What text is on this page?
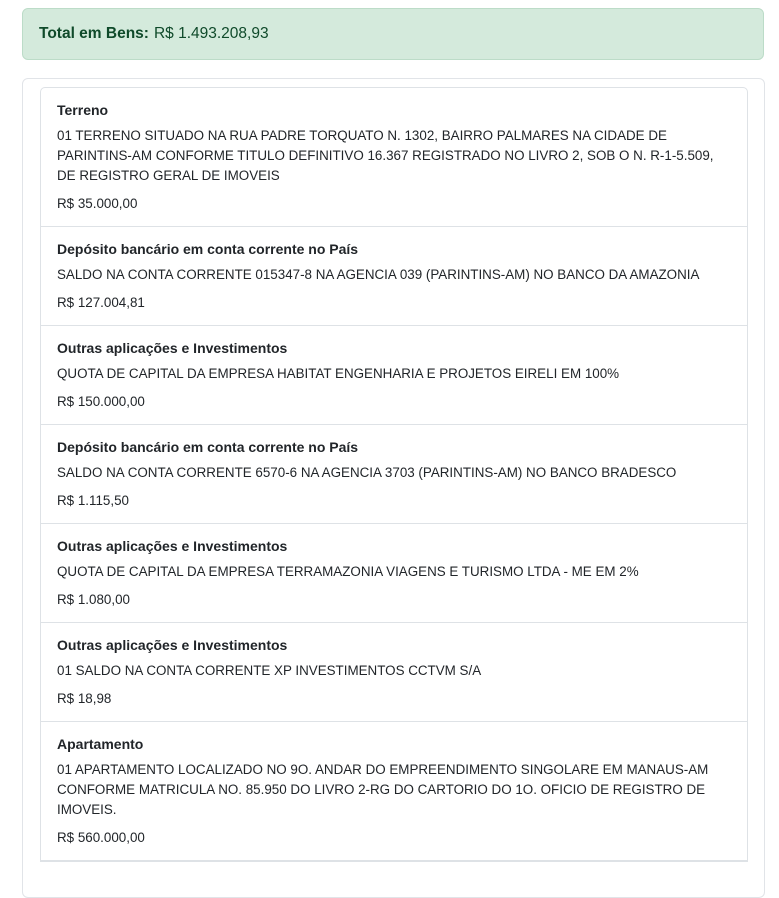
Total em Bens: R$ 1.493.208,93
Terreno
01 TERRENO SITUADO NA RUA PADRE TORQUATO N. 1302, BAIRRO PALMARES NA CIDADE DE PARINTINS-AM CONFORME TITULO DEFINITIVO 16.367 REGISTRADO NO LIVRO 2, SOB O N. R-1-5.509, DE REGISTRO GERAL DE IMOVEIS
R$ 35.000,00
Depósito bancário em conta corrente no País
SALDO NA CONTA CORRENTE 015347-8 NA AGENCIA 039 (PARINTINS-AM) NO BANCO DA AMAZONIA
R$ 127.004,81
Outras aplicações e Investimentos
QUOTA DE CAPITAL DA EMPRESA HABITAT ENGENHARIA E PROJETOS EIRELI EM 100%
R$ 150.000,00
Depósito bancário em conta corrente no País
SALDO NA CONTA CORRENTE 6570-6 NA AGENCIA 3703 (PARINTINS-AM) NO BANCO BRADESCO
R$ 1.115,50
Outras aplicações e Investimentos
QUOTA DE CAPITAL DA EMPRESA TERRAMAZONIA VIAGENS E TURISMO LTDA - ME EM 2%
R$ 1.080,00
Outras aplicações e Investimentos
01 SALDO NA CONTA CORRENTE XP INVESTIMENTOS CCTVM S/A
R$ 18,98
Apartamento
01 APARTAMENTO LOCALIZADO NO 9O. ANDAR DO EMPREENDIMENTO SINGOLARE EM MANAUS-AM CONFORME MATRICULA NO. 85.950 DO LIVRO 2-RG DO CARTORIO DO 1O. OFICIO DE REGISTRO DE IMOVEIS.
R$ 560.000,00
